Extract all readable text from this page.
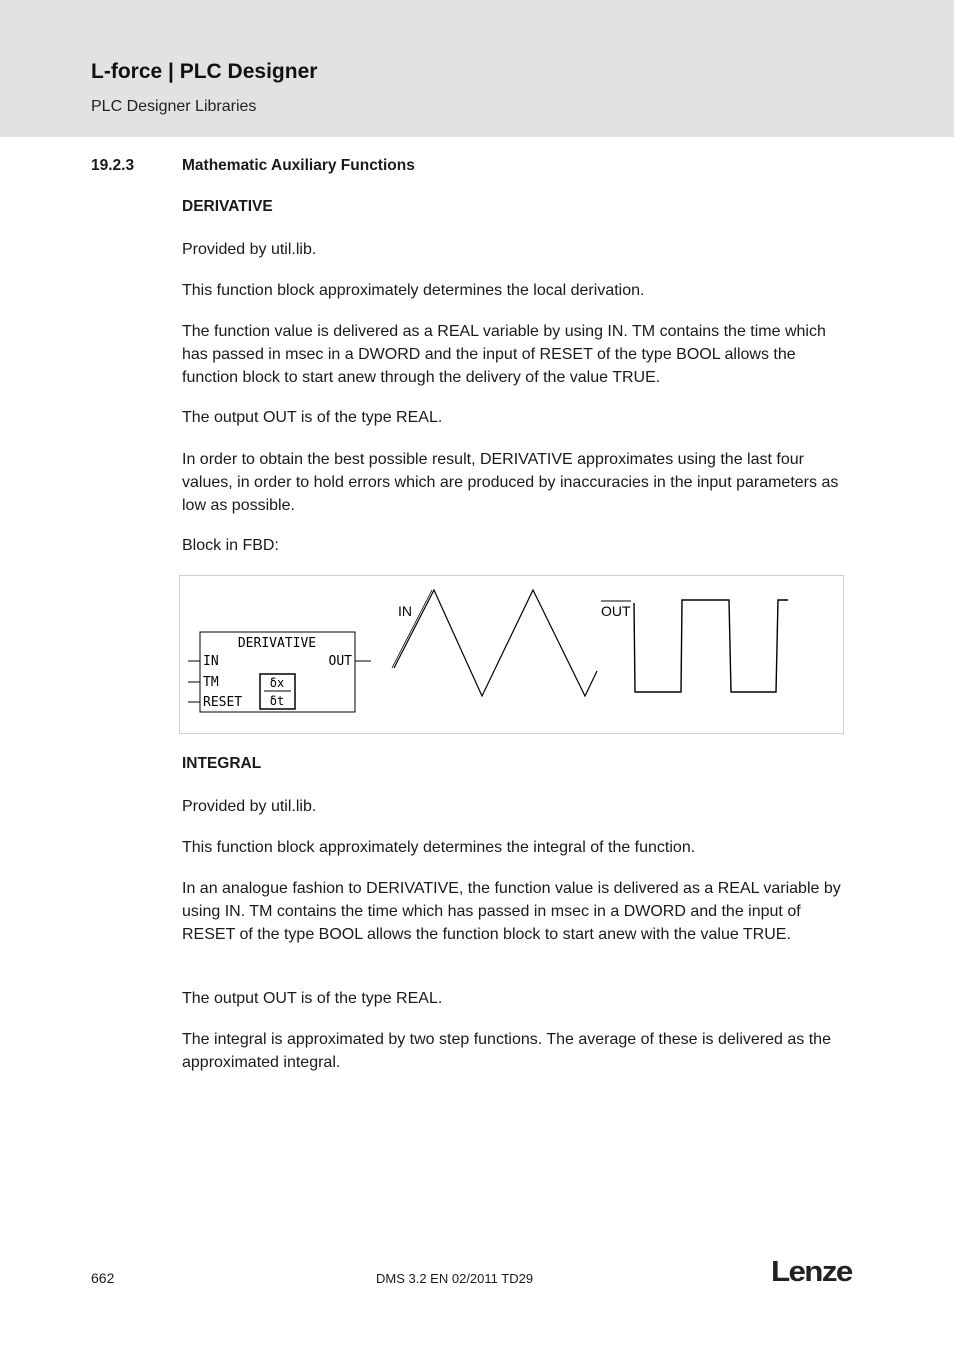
L-force | PLC Designer
PLC Designer Libraries
19.2.3	Mathematic Auxiliary Functions

DERIVATIVE

Provided by util.lib.

This function block approximately determines the local derivation.

The function value is delivered as a REAL variable by using IN. TM contains the time which has passed in msec in a DWORD and the input of RESET of the type BOOL allows the function block to start anew through the delivery of the value TRUE.

The output OUT is of the type REAL.

In order to obtain the best possible result, DERIVATIVE approximates using the last four values, in order to hold errors which are produced by inaccuracies in the input parameters as low as possible.

Block in FBD:

DERIVATIVE
IN
TM
RESET
OUT
δx
δt
IN	OUT

INTEGRAL

Provided by util.lib.

This function block approximately determines the integral of the function.

In an analogue fashion to DERIVATIVE, the function value is delivered as a REAL variable by using IN. TM contains the time which has passed in msec in a DWORD and the input of RESET of the type BOOL allows the function block to start anew with the value TRUE.

The output OUT is of the type REAL.

The integral is approximated by two step functions. The average of these is delivered as the approximated integral.

662	DMS 3.2 EN 02/2011 TD29	Lenze
